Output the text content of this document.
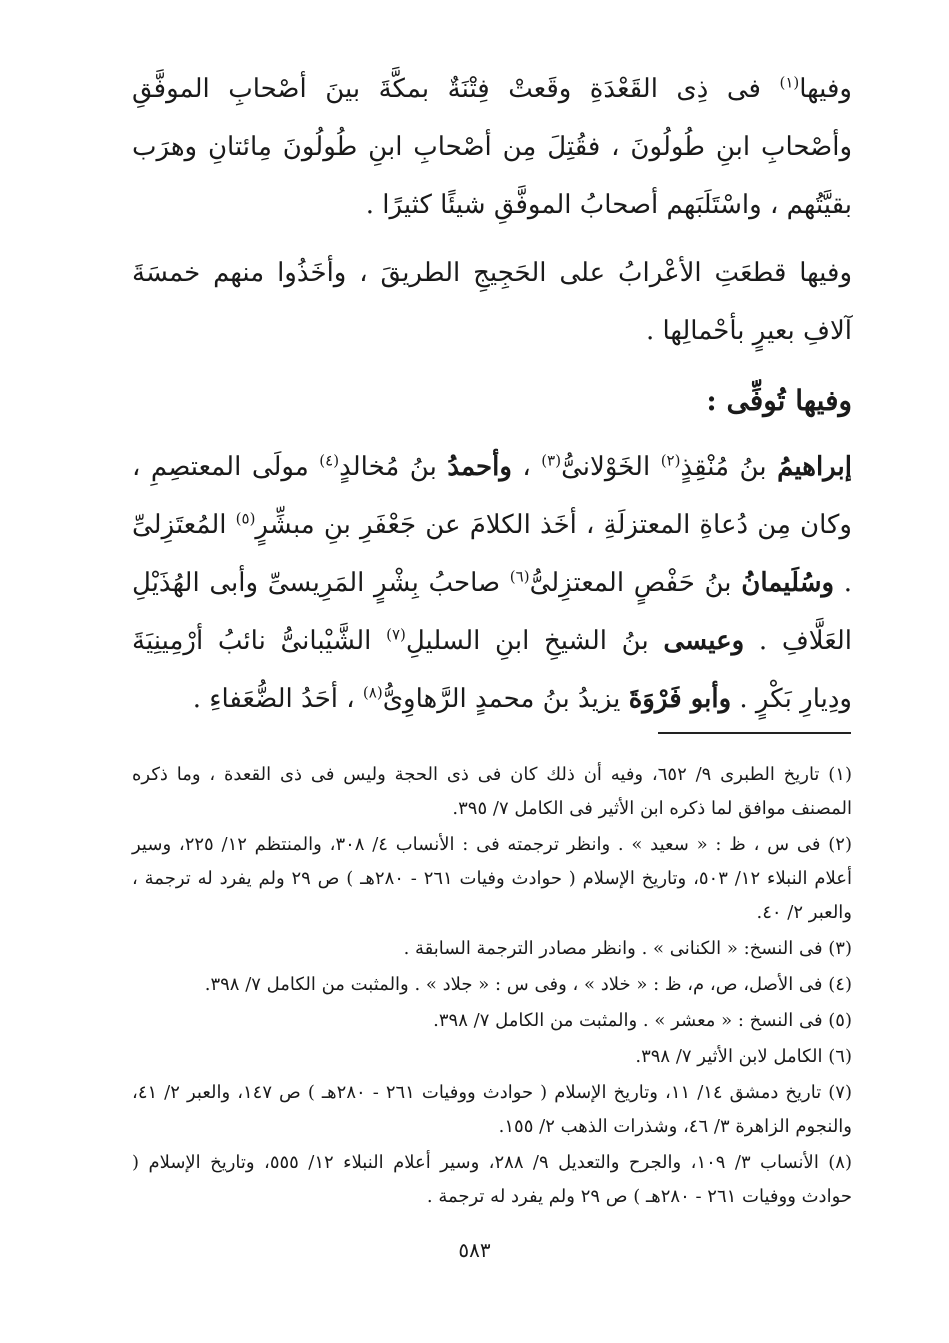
وفيها$^{(١)}$ فى ذِى القَعْدَةِ وقَعتْ فِتْنَةٌ بمكَّةَ بينَ أصْحابِ الموفَّقِ وأصْحابِ ابنِ طُولُونَ ، فقُتِلَ مِن أصْحابِ ابنِ طُولُونَ مِائتانِ وهرَب بقيَّتُهم ، واسْتَلَبَهم أصحابُ الموفَّقِ شيئًا كثيرًا .

وفيها قطعَتِ الأعْرابُ على الحَجِيجِ الطريقَ ، وأخَذُوا منهم خمسَةَ آلافِ بعيرٍ بأحْمالِها .

وفيها تُوفِّى :

إبراهيمُ بنُ مُنْقِذٍ$^{(٢)}$ الخَوْلانىُّ$^{(٣)}$ ، وأحمدُ بنُ مُخالدٍ$^{(٤)}$ مولَى المعتصِمِ ، وكان مِن دُعاةِ المعتزلَةِ ، أخَذ الكلامَ عن جَعْفَرِ بنِ مبشِّرٍ$^{(٥)}$ المُعتَزِلىِّ . وسُلَيمانُ بنُ حَفْصٍ المعتزِلىُّ$^{(٦)}$ صاحبُ بِشْرٍ المَرِيسىِّ وأبى الهُذَيْلِ العَلَّافِ . وعيسى بنُ الشيخِ ابنِ السليلِ$^{(٧)}$ الشَّيْبانىُّ نائبُ أرْمِينِيَةَ ودِيارِ بَكْرٍ . وأبو فَرْوَةَ يزيدُ بنُ محمدٍ الرَّهاوِىُّ$^{(٨)}$ ، أحَدُ الضُّعَفاءِ .

(١) تاريخ الطبرى ٩/ ٦٥٢، وفيه أن ذلك كان فى ذى الحجة وليس فى ذى القعدة ، وما ذكره المصنف موافق لما ذكره ابن الأثير فى الكامل ٧/ ٣٩٥.

(٢) فى س ، ظ : « سعيد » . وانظر ترجمته فى : الأنساب ٤/ ٣٠٨، والمنتظم ١٢/ ٢٢٥، وسير أعلام النبلاء ١٢/ ٥٠٣، وتاريخ الإسلام ( حوادث وفيات ٢٦١ - ٢٨٠هـ ) ص ٢٩ ولم يفرد له ترجمة ، والعبر ٢/ ٤٠.

(٣) فى النسخ: « الكنانى » . وانظر مصادر الترجمة السابقة .

(٤) فى الأصل، ص، م، ظ : « خلاد » ، وفى س : « جلاد » . والمثبت من الكامل ٧/ ٣٩٨.

(٥) فى النسخ : « معشر » . والمثبت من الكامل ٧/ ٣٩٨.

(٦) الكامل لابن الأثير ٧/ ٣٩٨.

(٧) تاريخ دمشق ١٤/ ١١، وتاريخ الإسلام ( حوادث ووفيات ٢٦١ - ٢٨٠هـ ) ص ١٤٧، والعبر ٢/ ٤١، والنجوم الزاهرة ٣/ ٤٦، وشذرات الذهب ٢/ ١٥٥.

(٨) الأنساب ٣/ ١٠٩، والجرح والتعديل ٩/ ٢٨٨، وسير أعلام النبلاء ١٢/ ٥٥٥، وتاريخ الإسلام ( حوادث ووفيات ٢٦١ - ٢٨٠هـ ) ص ٢٩ ولم يفرد له ترجمة .

٥٨٣
